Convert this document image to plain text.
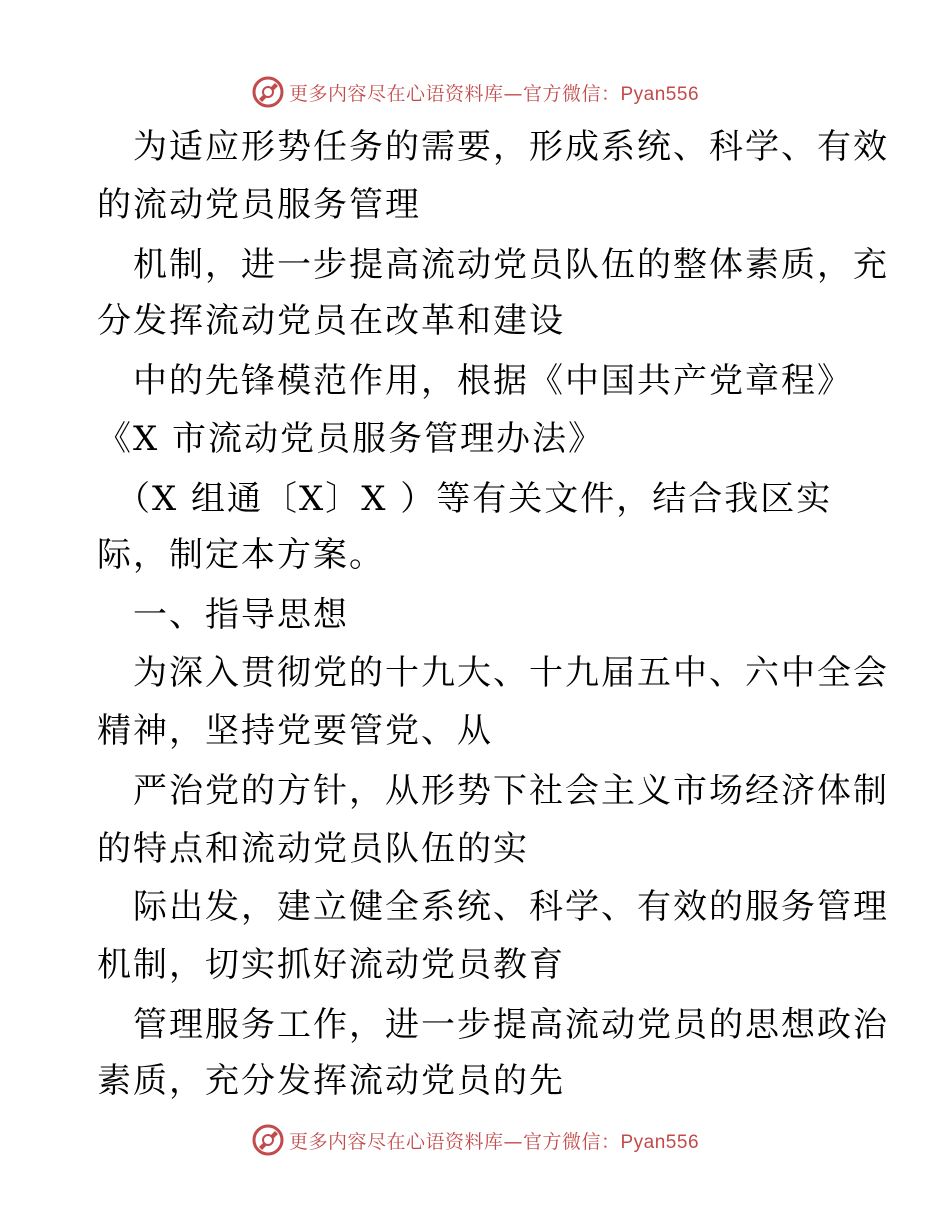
更多内容尽在心语资料库—官方微信：Pyan556
　为适应形势任务的需要，形成系统、科学、有效
的流动党员服务管理
　机制，进一步提高流动党员队伍的整体素质，充
分发挥流动党员在改革和建设
　中的先锋模范作用，根据《中国共产党章程》
《X 市流动党员服务管理办法》
　（X 组通〔X〕X ）等有关文件，结合我区实
际，制定本方案。
　一、指导思想
　为深入贯彻党的十九大、十九届五中、六中全会
精神，坚持党要管党、从
　严治党的方针，从形势下社会主义市场经济体制
的特点和流动党员队伍的实
　际出发，建立健全系统、科学、有效的服务管理
机制，切实抓好流动党员教育
　管理服务工作，进一步提高流动党员的思想政治
素质，充分发挥流动党员的先
更多内容尽在心语资料库—官方微信：Pyan556
